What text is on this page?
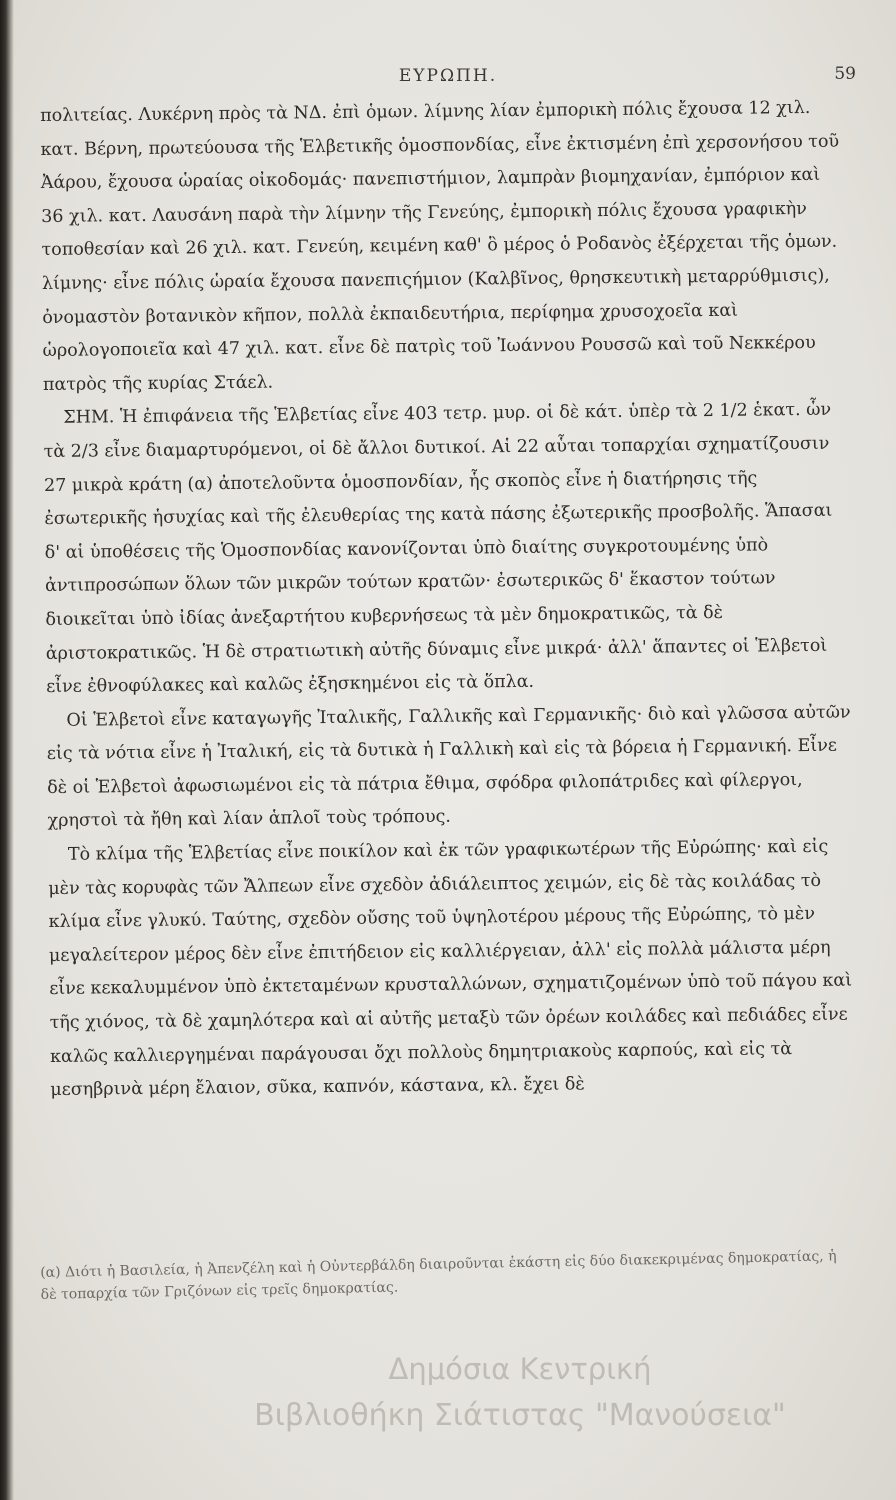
ΕΥΡΩΠΗ.	59

πολιτείας. Λυκέρνη πρὸς τὰ ΝΔ. ἐπὶ ὁμων. λίμνης λίαν ἐμπορικὴ πόλις ἔχουσα 12 χιλ. κατ. Βέρνη, πρωτεύουσα τῆς Ἑλβετικῆς ὁμοσπονδίας, εἶνε ἐκτισμένη ἐπὶ χερσονήσου τοῦ Ἀάρου, ἔχουσα ὡραίας οἰκοδομάς· πανεπιστήμιον, λαμπρὰν βιομηχανίαν, ἐμπόριον καὶ 36 χιλ. κατ. Λαυσάνη παρὰ τὴν λίμνην τῆς Γενεύης, ἐμπορικὴ πόλις ἔχουσα γραφικὴν τοποθεσίαν καὶ 26 χιλ. κατ. Γενεύη, κειμένη καθ' ὃ μέρος ὁ Ροδανὸς ἐξέρχεται τῆς ὁμων. λίμνης· εἶνε πόλις ὡραία ἔχουσα πανεπιςήμιον (Καλβῖνος, θρησκευτικὴ μεταρρύθμισις), ὀνομαστὸν βοτανικὸν κῆπον, πολλὰ ἐκπαιδευτήρια, περίφημα χρυσοχοεῖα καὶ ὡρολογοποιεῖα καὶ 47 χιλ. κατ. εἶνε δὲ πατρὶς τοῦ Ἰωάννου Ρουσσῶ καὶ τοῦ Νεκκέρου πατρὸς τῆς κυρίας Στάελ.

ΣΗΜ. Ἡ ἐπιφάνεια τῆς Ἑλβετίας εἶνε 403 τετρ. μυρ. οἱ δὲ κάτ. ὑπὲρ τὰ 2 1/2 ἑκατ. ὧν τὰ 2/3 εἶνε διαμαρτυρόμενοι, οἱ δὲ ἄλλοι δυτικοί. Αἱ 22 αὗται τοπαρχίαι σχηματίζουσιν 27 μικρὰ κράτη (α) ἀποτελοῦντα ὁμοσπονδίαν, ἧς σκοπὸς εἶνε ἡ διατήρησις τῆς ἐσωτερικῆς ἡσυχίας καὶ τῆς ἐλευθερίας της κατὰ πάσης ἐξωτερικῆς προσβολῆς. Ἅπασαι δ' αἱ ὑποθέσεις τῆς Ὁμοσπονδίας κανονίζονται ὑπὸ διαίτης συγκροτουμένης ὑπὸ ἀντιπροσώπων ὅλων τῶν μικρῶν τούτων κρατῶν· ἐσωτερικῶς δ' ἕκαστον τούτων διοικεῖται ὑπὸ ἰδίας ἀνεξαρτήτου κυβερνήσεως τὰ μὲν δημοκρατικῶς, τὰ δὲ ἀριστοκρατικῶς. Ἡ δὲ στρατιωτικὴ αὐτῆς δύναμις εἶνε μικρά· ἀλλ' ἅπαντες οἱ Ἑλβετοὶ εἶνε ἐθνοφύλακες καὶ καλῶς ἐξησκημένοι εἰς τὰ ὅπλα.

Οἱ Ἑλβετοὶ εἶνε καταγωγῆς Ἰταλικῆς, Γαλλικῆς καὶ Γερμανικῆς· διὸ καὶ γλῶσσα αὐτῶν εἰς τὰ νότια εἶνε ἡ Ἰταλική, εἰς τὰ δυτικὰ ἡ Γαλλικὴ καὶ εἰς τὰ βόρεια ἡ Γερμανική. Εἶνε δὲ οἱ Ἑλβετοὶ ἀφωσιωμένοι εἰς τὰ πάτρια ἔθιμα, σφόδρα φιλοπάτριδες καὶ φίλεργοι, χρηστοὶ τὰ ἤθη καὶ λίαν ἁπλοῖ τοὺς τρόπους.

Τὸ κλίμα τῆς Ἑλβετίας εἶνε ποικίλον καὶ ἐκ τῶν γραφικωτέρων τῆς Εὐρώπης· καὶ εἰς μὲν τὰς κορυφὰς τῶν Ἄλπεων εἶνε σχεδὸν ἀδιάλειπτος χειμών, εἰς δὲ τὰς κοιλάδας τὸ κλίμα εἶνε γλυκύ. Ταύτης, σχεδὸν οὔσης τοῦ ὑψηλοτέρου μέρους τῆς Εὐρώπης, τὸ μὲν μεγαλείτερον μέρος δὲν εἶνε ἐπιτήδειον εἰς καλλιέργειαν, ἀλλ' εἰς πολλὰ μάλιστα μέρη εἶνε κεκαλυμμένον ὑπὸ ἐκτεταμένων κρυσταλλώνων, σχηματιζομένων ὑπὸ τοῦ πάγου καὶ τῆς χιόνος, τὰ δὲ χαμηλότερα καὶ αἱ αὐτῆς μεταξὺ τῶν ὀρέων κοιλάδες καὶ πεδιάδες εἶνε καλῶς καλλιεργημέναι παράγουσαι ὄχι πολλοὺς δημητριακοὺς καρπούς, καὶ εἰς τὰ μεσηβρινὰ μέρη ἔλαιον, σῦκα, καπνόν, κάστανα, κλ. ἔχει δὲ

(α) Διότι ἡ Βασιλεία, ἡ Ἀπενζέλη καὶ ἡ Οὐντερβάλδη διαιροῦνται ἑκάστη εἰς δύο διακεκριμένας δημοκρατίας, ἡ δὲ τοπαρχία τῶν Γριζόνων εἰς τρεῖς δημοκρατίας.

Δημόσια Κεντρική
Βιβλιοθήκη Σιάτιστας "Μανούσεια"
